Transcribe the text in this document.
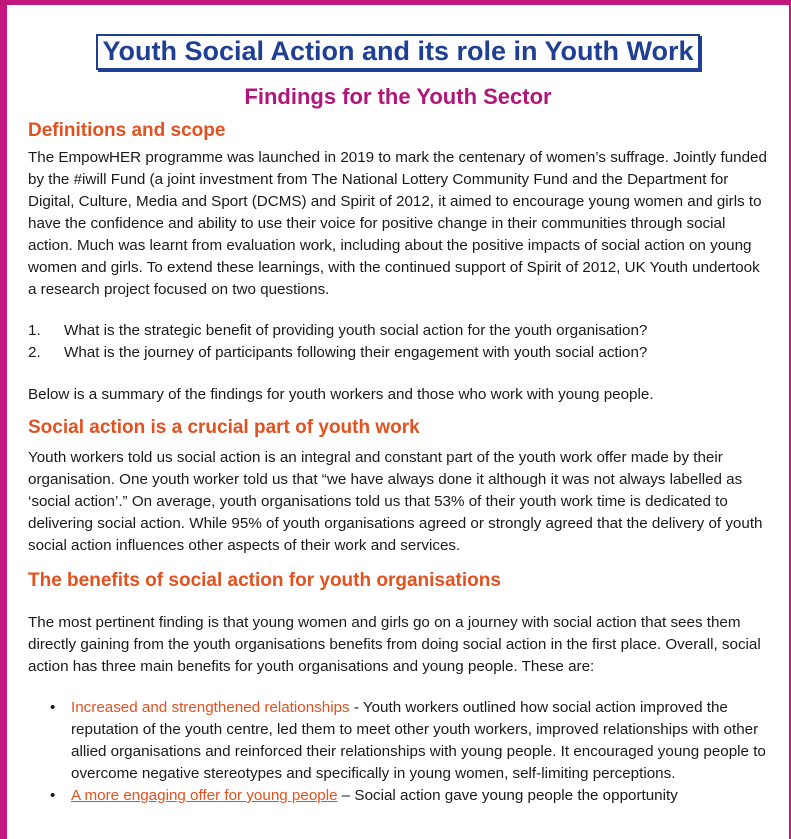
Youth Social Action and its role in Youth Work
Findings for the Youth Sector
Definitions and scope

The EmpowHER programme was launched in 2019 to mark the centenary of women’s suffrage. Jointly funded by the #iwill Fund (a joint investment from The National Lottery Community Fund and the Department for Digital, Culture, Media and Sport (DCMS) and Spirit of 2012, it aimed to encourage young women and girls to have the confidence and ability to use their voice for positive change in their communities through social action. Much was learnt from evaluation work, including about the positive impacts of social action on young women and girls. To extend these learnings, with the continued support of Spirit of 2012, UK Youth undertook a research project focused on two questions.

1.	What is the strategic benefit of providing youth social action for the youth organisation?
2.	What is the journey of participants following their engagement with youth social action?

Below is a summary of the findings for youth workers and those who work with young people.

Social action is a crucial part of youth work

Youth workers told us social action is an integral and constant part of the youth work offer made by their organisation. One youth worker told us that “we have always done it although it was not always labelled as ‘social action’.” On average, youth organisations told us that 53% of their youth work time is dedicated to delivering social action. While 95% of youth organisations agreed or strongly agreed that the delivery of youth social action influences other aspects of their work and services.

The benefits of social action for youth organisations

The most pertinent finding is that young women and girls go on a journey with social action that sees them directly gaining from the youth organisations benefits from doing social action in the first place. Overall, social action has three main benefits for youth organisations and young people. These are:

•	Increased and strengthened relationships - Youth workers outlined how social action improved the reputation of the youth centre, led them to meet other youth workers, improved relationships with other allied organisations and reinforced their relationships with young people. It encouraged young people to overcome negative stereotypes and specifically in young women, self-limiting perceptions.
•	A more engaging offer for young people – Social action gave young people the opportunity
